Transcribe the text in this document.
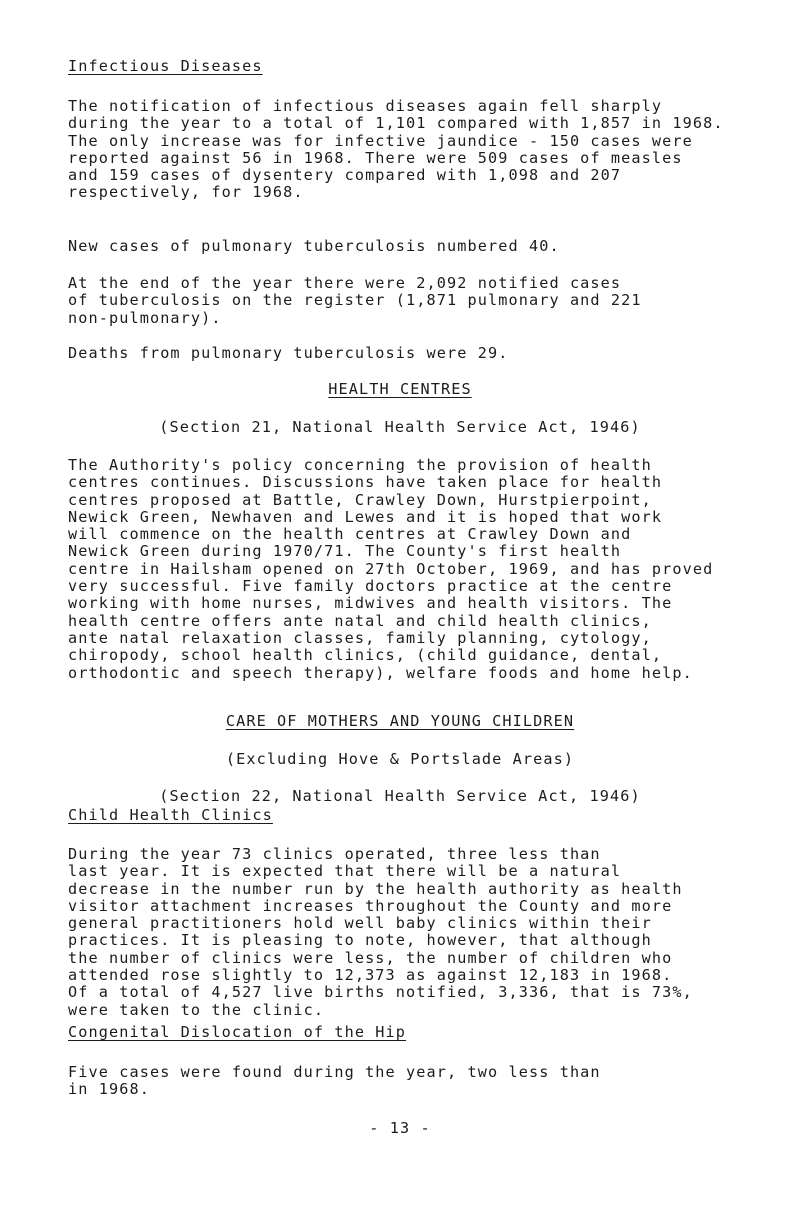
Infectious Diseases

The notification of infectious diseases again fell sharply
during the year to a total of 1,101 compared with 1,857 in 1968.
The only increase was for infective jaundice - 150 cases were
reported against 56 in 1968. There were 509 cases of measles
and 159 cases of dysentery compared with 1,098 and 207
respectively, for 1968.

New cases of pulmonary tuberculosis numbered 40.

At the end of the year there were 2,092 notified cases
of tuberculosis on the register (1,871 pulmonary and 221
non-pulmonary).

Deaths from pulmonary tuberculosis were 29.

HEALTH CENTRES

(Section 21, National Health Service Act, 1946)

The Authority's policy concerning the provision of health
centres continues. Discussions have taken place for health
centres proposed at Battle, Crawley Down, Hurstpierpoint,
Newick Green, Newhaven and Lewes and it is hoped that work
will commence on the health centres at Crawley Down and
Newick Green during 1970/71. The County's first health
centre in Hailsham opened on 27th October, 1969, and has proved
very successful. Five family doctors practice at the centre
working with home nurses, midwives and health visitors. The
health centre offers ante natal and child health clinics,
ante natal relaxation classes, family planning, cytology,
chiropody, school health clinics, (child guidance, dental,
orthodontic and speech therapy), welfare foods and home help.

CARE OF MOTHERS AND YOUNG CHILDREN

(Excluding Hove & Portslade Areas)

(Section 22, National Health Service Act, 1946)

Child Health Clinics

During the year 73 clinics operated, three less than
last year. It is expected that there will be a natural
decrease in the number run by the health authority as health
visitor attachment increases throughout the County and more
general practitioners hold well baby clinics within their
practices. It is pleasing to note, however, that although
the number of clinics were less, the number of children who
attended rose slightly to 12,373 as against 12,183 in 1968.
Of a total of 4,527 live births notified, 3,336, that is 73%,
were taken to the clinic.

Congenital Dislocation of the Hip

Five cases were found during the year, two less than
in 1968.

- 13 -
